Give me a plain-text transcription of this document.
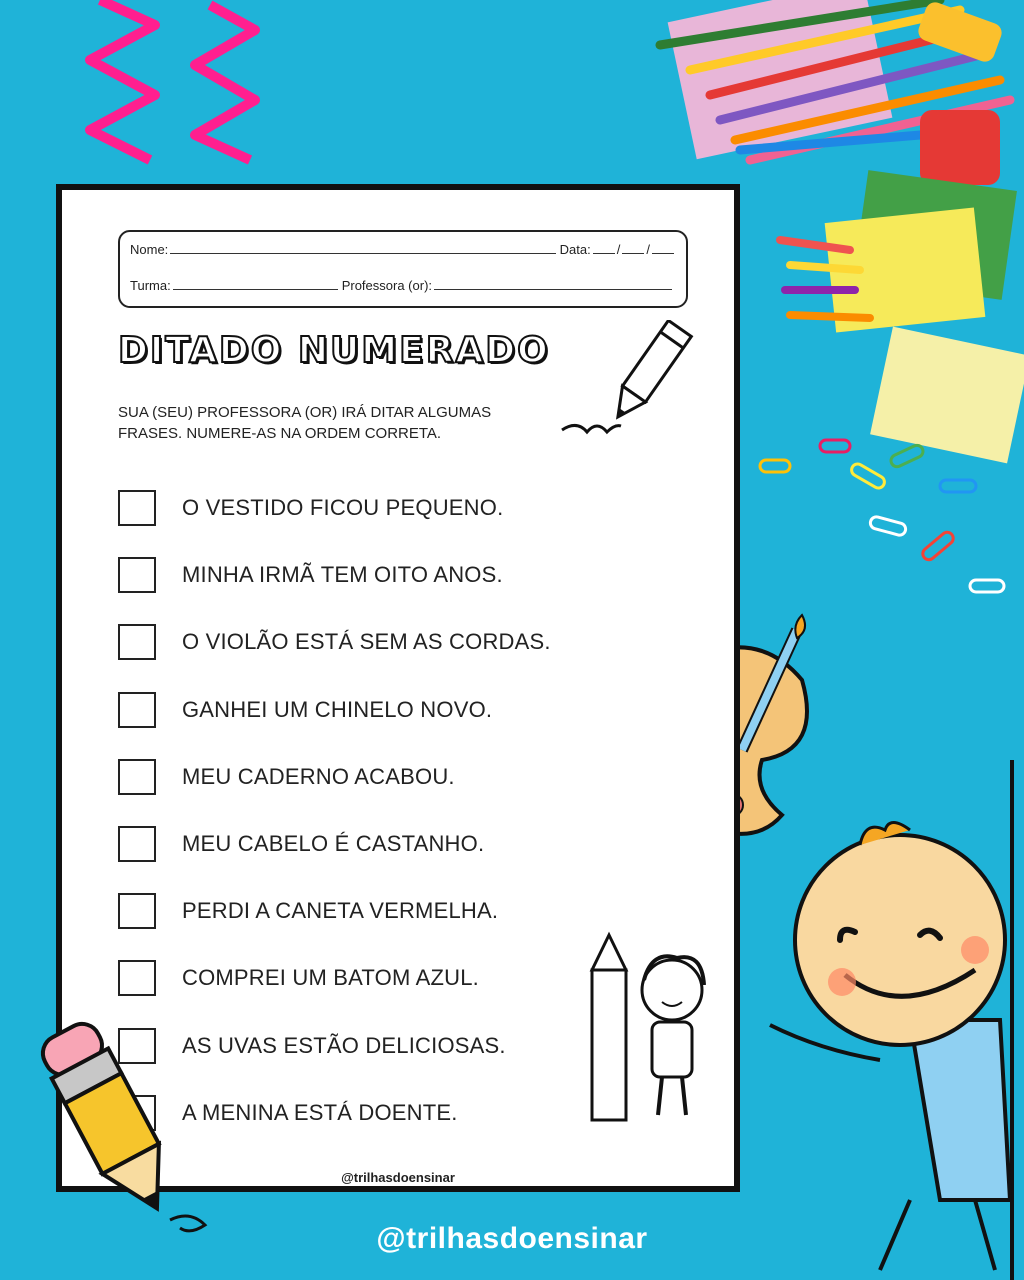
Nome:	Data: /
/
Turma:	Professora (or):
DITADO NUMERADO
SUA (SEU) PROFESSORA (OR) IRÁ DITAR ALGUMAS FRASES. NUMERE-AS NA ORDEM CORRETA.
O VESTIDO FICOU PEQUENO.
MINHA IRMÃ TEM OITO ANOS.
O VIOLÃO ESTÁ SEM AS CORDAS.
GANHEI UM CHINELO NOVO.
MEU CADERNO ACABOU.
MEU CABELO É CASTANHO.
PERDI A CANETA VERMELHA.
COMPREI UM BATOM AZUL.
AS UVAS ESTÃO DELICIOSAS.
A MENINA ESTÁ DOENTE.
@trilhasdoensinar
@trilhasdoensinar
